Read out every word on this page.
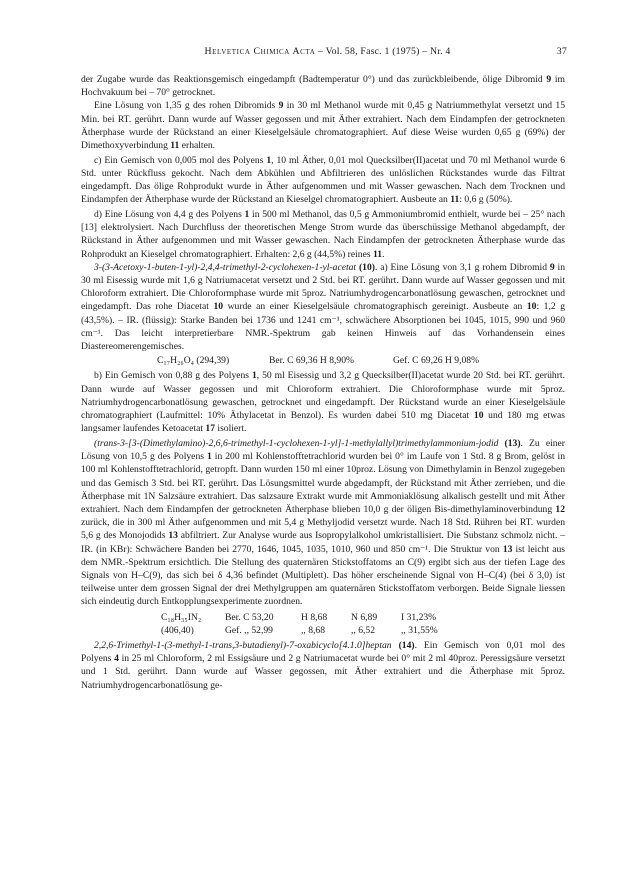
Helvetica Chimica Acta – Vol. 58, Fasc. 1 (1975) – Nr. 4	37

der Zugabe wurde das Reaktionsgemisch eingedampft (Badtemperatur 0°) und das zurückbleibende, ölige Dibromid 9 im Hochvakuum bei – 70° getrocknet.

Eine Lösung von 1,35 g des rohen Dibromids 9 in 30 ml Methanol wurde mit 0,45 g Natriummethylat versetzt und 15 Min. bei RT. gerührt. Dann wurde auf Wasser gegossen und mit Äther extrahiert. Nach dem Eindampfen der getrockneten Ätherphase wurde der Rückstand an einer Kieselgelsäule chromatographiert. Auf diese Weise wurden 0,65 g (69%) der Dimethoxyverbindung 11 erhalten.

c) Ein Gemisch von 0,005 mol des Polyens 1, 10 ml Äther, 0,01 mol Quecksilber(II)acetat und 70 ml Methanol wurde 6 Std. unter Rückfluss gekocht. Nach dem Abkühlen und Abfiltrieren des unlöslichen Rückstandes wurde das Filtrat eingedampft. Das ölige Rohprodukt wurde in Äther aufgenommen und mit Wasser gewaschen. Nach dem Trocknen und Eindampfen der Ätherphase wurde der Rückstand an Kieselgel chromatographiert. Ausbeute an 11: 0,6 g (50%).

d) Eine Lösung von 4,4 g des Polyens 1 in 500 ml Methanol, das 0,5 g Ammoniumbromid enthielt, wurde bei – 25° nach [13] elektrolysiert. Nach Durchfluss der theoretischen Menge Strom wurde das überschüssige Methanol abgedampft, der Rückstand in Äther aufgenommen und mit Wasser gewaschen. Nach Eindampfen der getrockneten Ätherphase wurde das Rohprodukt an Kieselgel chromatographiert. Erhalten: 2,6 g (44,5%) reines 11.

3-(3-Acetoxy-1-buten-1-yl)-2,4,4-trimethyl-2-cyclohexen-1-yl-acetat (10). a) Eine Lösung von 3,1 g rohem Dibromid 9 in 30 ml Eisessig wurde mit 1,6 g Natriumacetat versetzt und 2 Std. bei RT. gerührt. Dann wurde auf Wasser gegossen und mit Chloroform extrahiert. Die Chloroformphase wurde mit 5proz. Natriumhydrogencarbonatlösung gewaschen, getrocknet und eingedampft. Das rohe Diacetat 10 wurde an einer Kieselgelsäule chromatographisch gereinigt. Ausbeute an 10: 1,2 g (43,5%). – IR. (flüssig): Starke Banden bei 1736 und 1241 cm⁻¹, schwächere Absorptionen bei 1045, 1015, 990 und 960 cm⁻¹. Das leicht interpretierbare NMR.-Spektrum gab keinen Hinweis auf das Vorhandensein eines Diastereomerengemisches.

C₁₇H₂₆O₄ (294,39)	Ber. C 69,36 H 8,90%	Gef. C 69,26 H 9,08%

b) Ein Gemisch von 0,88 g des Polyens 1, 50 ml Eisessig und 3,2 g Quecksilber(II)acetat wurde 20 Std. bei RT. gerührt. Dann wurde auf Wasser gegossen und mit Chloroform extrahiert. Die Chloroformphase wurde mit 5proz. Natriumhydrogencarbonatlösung gewaschen, getrocknet und eingedampft. Der Rückstand wurde an einer Kieselgelsäule chromatographiert (Laufmittel: 10% Äthylacetat in Benzol). Es wurden dabei 510 mg Diacetat 10 und 180 mg etwas langsamer laufendes Ketoacetat 17 isoliert.

(trans-3-[3-(Dimethylamino)-2,6,6-trimethyl-1-cyclohexen-1-yl]-1-methylallyl)trimethylammonium-jodid (13). Zu einer Lösung von 10,5 g des Polyens 1 in 200 ml Kohlenstofftetrachlorid wurden bei 0° im Laufe von 1 Std. 8 g Brom, gelöst in 100 ml Kohlenstofftetrachlorid, getropft. Dann wurden 150 ml einer 10proz. Lösung von Dimethylamin in Benzol zugegeben und das Gemisch 3 Std. bei RT. gerührt. Das Lösungsmittel wurde abgedampft, der Rückstand mit Äther zerrieben, und die Ätherphase mit 1N Salzsäure extrahiert. Das salzsaure Extrakt wurde mit Ammoniaklösung alkalisch gestellt und mit Äther extrahiert. Nach dem Eindampfen der getrockneten Ätherphase blieben 10,0 g der öligen Bis-dimethylaminoverbindung 12 zurück, die in 300 ml Äther aufgenommen und mit 5,4 g Methyljodid versetzt wurde. Nach 18 Std. Rühren bei RT. wurden 5,6 g des Monojodids 13 abfiltriert. Zur Analyse wurde aus Isopropylalkohol umkristallisiert. Die Substanz schmolz nicht. – IR. (in KBr): Schwächere Banden bei 2770, 1646, 1045, 1035, 1010, 960 und 850 cm⁻¹. Die Struktur von 13 ist leicht aus dem NMR.-Spektrum ersichtlich. Die Stellung des quaternären Stickstoffatoms an C(9) ergibt sich aus der tiefen Lage des Signals von H–C(9), das sich bei δ 4,36 befindet (Multiplett). Das höher erscheinende Signal von H–C(4) (bei δ 3,0) ist teilweise unter dem grossen Signal der drei Methylgruppen am quaternären Stickstoffatom verborgen. Beide Signale liessen sich eindeutig durch Entkopplungsexperimente zuordnen.

C₁₈H₃₅IN₂	Ber. C 53,20	H 8,68	N 6,89	I 31,23%
(406,40)	Gef. ,, 52,99	,, 8,68	,, 6,52	,, 31,55%

2,2,6-Trimethyl-1-(3-methyl-1-trans,3-butadienyl)-7-oxabicyclo[4.1.0]heptan (14). Ein Gemisch von 0,01 mol des Polyens 4 in 25 ml Chloroform, 2 ml Essigsäure und 2 g Natriumacetat wurde bei 0° mit 2 ml 40proz. Peressigsäure versetzt und 1 Std. gerührt. Dann wurde auf Wasser gegossen, mit Äther extrahiert und die Ätherphase mit 5proz. Natriumhydrogencarbonatlösung ge-
